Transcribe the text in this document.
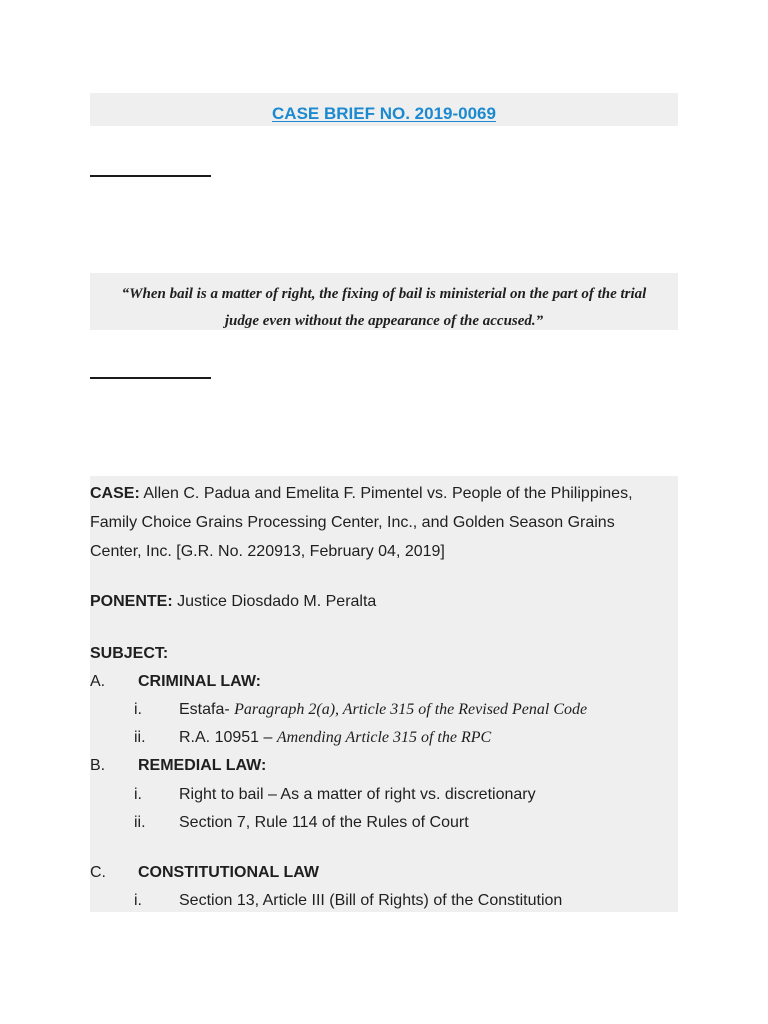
CASE BRIEF NO. 2019-0069
“When bail is a matter of right, the fixing of bail is ministerial on the part of the trial judge even without the appearance of the accused.”
CASE: Allen C. Padua and Emelita F. Pimentel vs. People of the Philippines,
Family Choice Grains Processing Center, Inc., and Golden Season Grains
Center, Inc. [G.R. No. 220913, February 04, 2019]
PONENTE: Justice Diosdado M. Peralta
SUBJECT:
A. CRIMINAL LAW:
i. Estafa- Paragraph 2(a), Article 315 of the Revised Penal Code
ii. R.A. 10951 – Amending Article 315 of the RPC
B. REMEDIAL LAW:
i. Right to bail – As a matter of right vs. discretionary
ii. Section 7, Rule 114 of the Rules of Court
C. CONSTITUTIONAL LAW
i. Section 13, Article III (Bill of Rights) of the Constitution
